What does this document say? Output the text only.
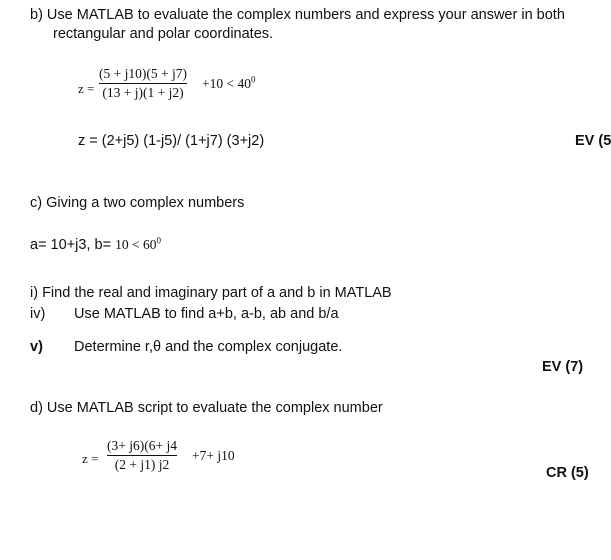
b) Use MATLAB to evaluate the complex numbers and express your answer in both
rectangular and polar coordinates.
z =
(5 + j10)(5 + j7)
(13 + j)(1 + j2)
$+10 < 40^0$
z = (2+j5) (1-j5)/ (1+j7) (3+j2)	EV (5
c) Giving a two complex numbers
a= 10+j3, $b= 10 < 60^0$
i) Find the real and imaginary part of a and b in MATLAB
iv) Use MATLAB to find a+b, a-b, ab and b/a
v) Determine r,θ and the complex conjugate.
EV (7)
d) Use MATLAB script to evaluate the complex number
z =
(3+ j6)(6+ j4
(2 + j1) j2
+7+ j10
CR (5)
